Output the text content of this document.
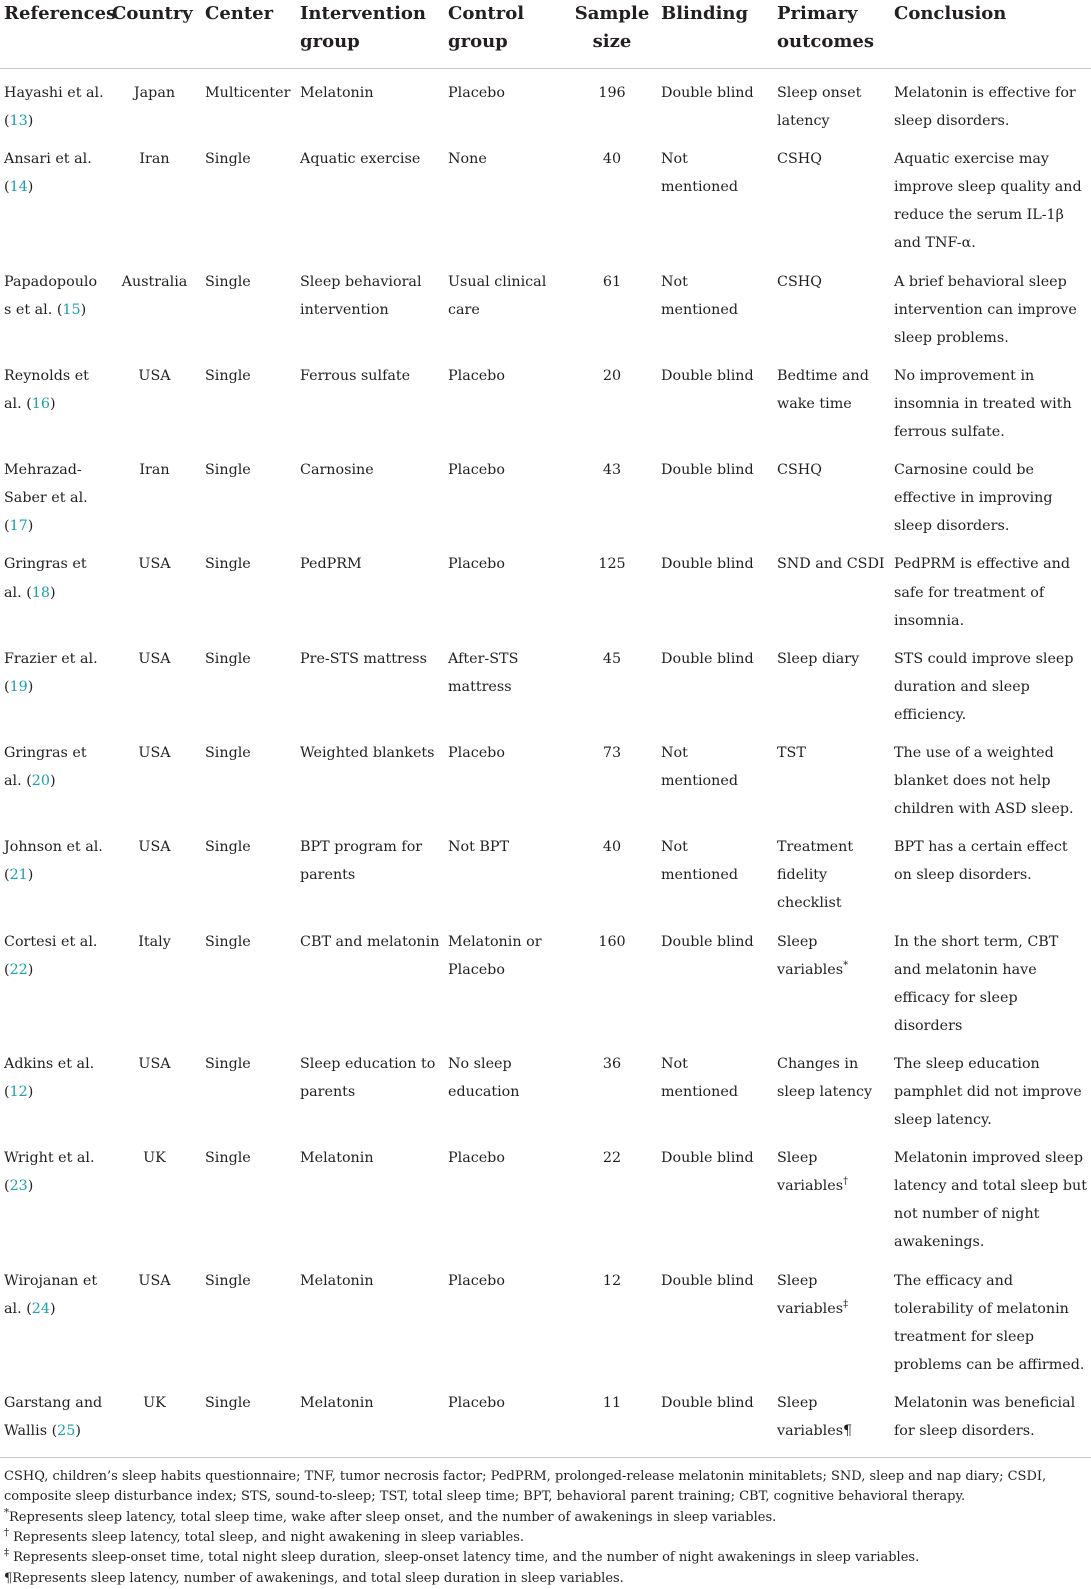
References	Country	Center	Intervention group	Control group	Sample size	Blinding	Primary outcomes	Conclusion
Hayashi et al. (13)	Japan	Multicenter	Melatonin	Placebo	196	Double blind	Sleep onset latency	Melatonin is effective for sleep disorders.
Ansari et al. (14)	Iran	Single	Aquatic exercise	None	40	Not mentioned	CSHQ	Aquatic exercise may improve sleep quality and reduce the serum IL-1β and TNF-α.
Papadopoulos et al. (15)	Australia	Single	Sleep behavioral intervention	Usual clinical care	61	Not mentioned	CSHQ	A brief behavioral sleep intervention can improve sleep problems.
Reynolds et al. (16)	USA	Single	Ferrous sulfate	Placebo	20	Double blind	Bedtime and wake time	No improvement in insomnia in treated with ferrous sulfate.
Mehrazad-Saber et al. (17)	Iran	Single	Carnosine	Placebo	43	Double blind	CSHQ	Carnosine could be effective in improving sleep disorders.
Gringras et al. (18)	USA	Single	PedPRM	Placebo	125	Double blind	SND and CSDI	PedPRM is effective and safe for treatment of insomnia.
Frazier et al. (19)	USA	Single	Pre-STS mattress	After-STS mattress	45	Double blind	Sleep diary	STS could improve sleep duration and sleep efficiency.
Gringras et al. (20)	USA	Single	Weighted blankets	Placebo	73	Not mentioned	TST	The use of a weighted blanket does not help children with ASD sleep.
Johnson et al. (21)	USA	Single	BPT program for parents	Not BPT	40	Not mentioned	Treatment fidelity checklist	BPT has a certain effect on sleep disorders.
Cortesi et al. (22)	Italy	Single	CBT and melatonin	Melatonin or Placebo	160	Double blind	Sleep variables*	In the short term, CBT and melatonin have efficacy for sleep disorders
Adkins et al. (12)	USA	Single	Sleep education to parents	No sleep education	36	Not mentioned	Changes in sleep latency	The sleep education pamphlet did not improve sleep latency.
Wright et al. (23)	UK	Single	Melatonin	Placebo	22	Double blind	Sleep variables†	Melatonin improved sleep latency and total sleep but not number of night awakenings.
Wirojanan et al. (24)	USA	Single	Melatonin	Placebo	12	Double blind	Sleep variables‡	The efficacy and tolerability of melatonin treatment for sleep problems can be affirmed.
Garstang and Wallis (25)	UK	Single	Melatonin	Placebo	11	Double blind	Sleep variables¶	Melatonin was beneficial for sleep disorders.

CSHQ, children’s sleep habits questionnaire; TNF, tumor necrosis factor; PedPRM, prolonged-release melatonin minitablets; SND, sleep and nap diary; CSDI, composite sleep disturbance index; STS, sound-to-sleep; TST, total sleep time; BPT, behavioral parent training; CBT, cognitive behavioral therapy.

*Represents sleep latency, total sleep time, wake after sleep onset, and the number of awakenings in sleep variables.

† Represents sleep latency, total sleep, and night awakening in sleep variables.

‡ Represents sleep-onset time, total night sleep duration, sleep-onset latency time, and the number of night awakenings in sleep variables.

¶Represents sleep latency, number of awakenings, and total sleep duration in sleep variables.
